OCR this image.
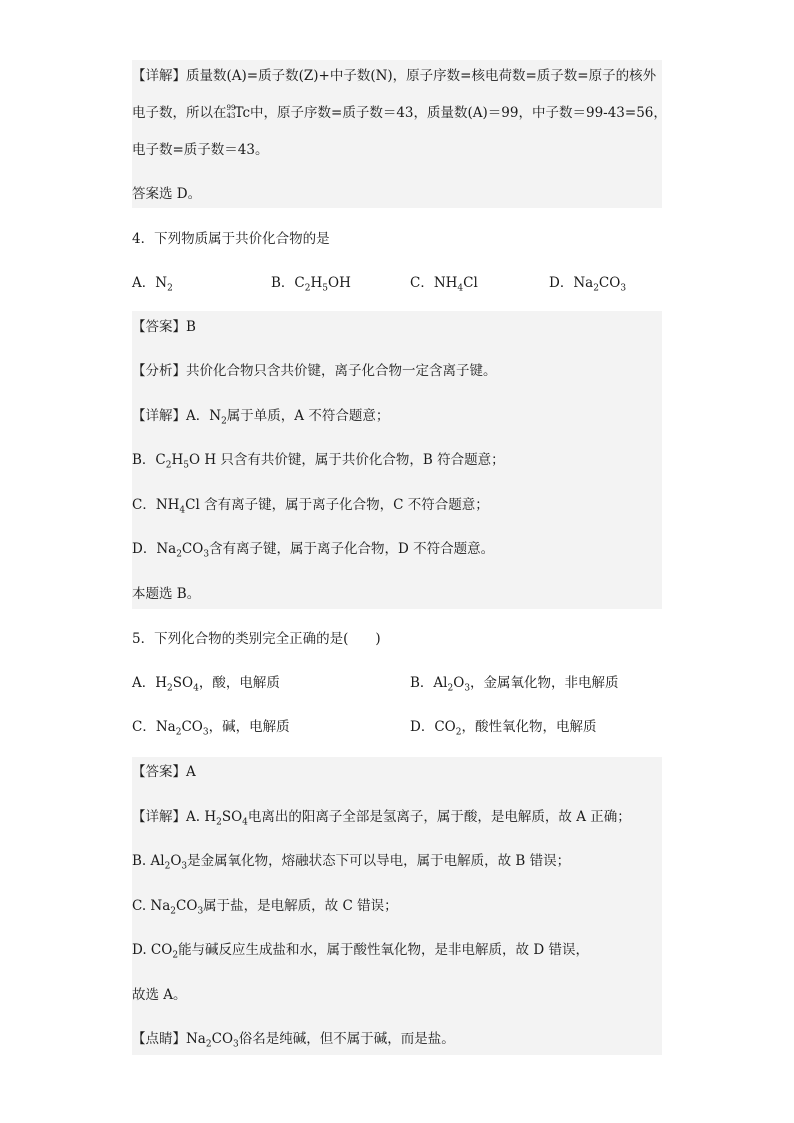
【详解】质量数(A)=质子数(Z)+中子数(N)，原子序数=核电荷数=质子数=原子的核外
电子数，所以在 99
43 Tc中，原子序数=质子数＝43，质量数(A)＝99，中子数＝99-43=56，
电子数=质子数＝43。
答案选 D。
4．下列物质属于共价化合物的是
A．$N_2$	B．$C_2H_5OH$	C．$NH_4Cl$	D．$Na_2CO_3$
【答案】B
【分析】共价化合物只含共价键，离子化合物一定含离子键。
【详解】A．$N_2$属于单质，A 不符合题意；
B．$C_2H_5O$ H 只含有共价键，属于共价化合物，B 符合题意；
C．$NH_4Cl$ 含有离子键，属于离子化合物，C 不符合题意；
D．$Na_2CO_3$含有离子键，属于离子化合物，D 不符合题意。
本题选 B。
5．下列化合物的类别完全正确的是(　　)
A．$H_2SO_4$，酸，电解质	B．$Al_2O_3$，金属氧化物，非电解质
C．$Na_2CO_3$，碱，电解质	D．$CO_2$，酸性氧化物，电解质
【答案】A
【详解】A. $H_2SO_4$电离出的阳离子全部是氢离子，属于酸，是电解质，故 A 正确；
B. $Al_2O_3$是金属氧化物，熔融状态下可以导电，属于电解质，故 B 错误；
C. $Na_2CO_3$属于盐，是电解质，故 C 错误；
D. $CO_2$能与碱反应生成盐和水，属于酸性氧化物，是非电解质，故 D 错误，
故选 A。
【点睛】$Na_2CO_3$俗名是纯碱，但不属于碱，而是盐。
